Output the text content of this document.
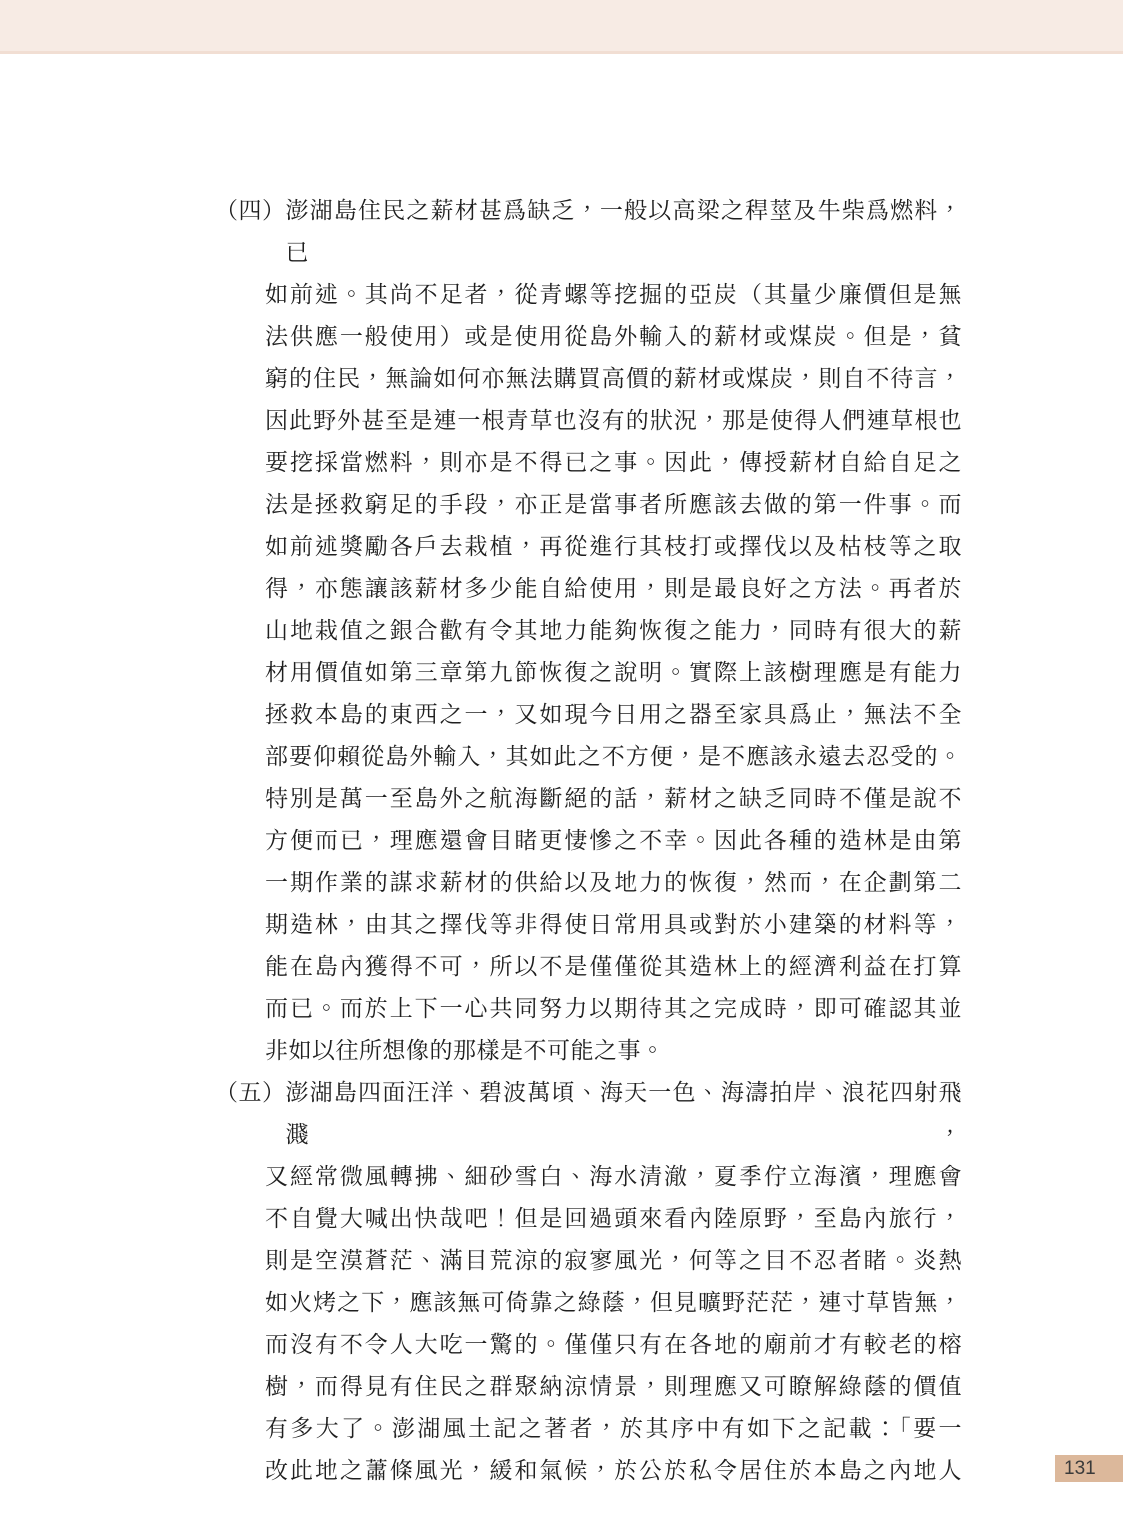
（四） 澎湖島住民之薪材甚爲缺乏，一般以高梁之稈莖及牛柴爲燃料，已
如前述。其尚不足者，從青螺等挖掘的亞炭（其量少廉價但是無
法供應一般使用）或是使用從島外輸入的薪材或煤炭。但是，貧
窮的住民，無論如何亦無法購買高價的薪材或煤炭，則自不待言，
因此野外甚至是連一根青草也沒有的狀況，那是使得人們連草根也
要挖採當燃料，則亦是不得已之事。因此，傳授薪材自給自足之
法是拯救窮足的手段，亦正是當事者所應該去做的第一件事。而
如前述獎勵各戶去栽植，再從進行其枝打或擇伐以及枯枝等之取
得，亦態讓該薪材多少能自給使用，則是最良好之方法。再者於
山地栽值之銀合歡有令其地力能夠恢復之能力，同時有很大的薪
材用價值如第三章第九節恢復之說明。實際上該樹理應是有能力
拯救本島的東西之一，又如現今日用之器至家具爲止，無法不全
部要仰賴從島外輸入，其如此之不方便，是不應該永遠去忍受的。
特別是萬一至島外之航海斷絕的話，薪材之缺乏同時不僅是說不
方便而已，理應還會目睹更悽慘之不幸。因此各種的造林是由第
一期作業的謀求薪材的供給以及地力的恢復，然而，在企劃第二
期造林，由其之擇伐等非得使日常用具或對於小建築的材料等，
能在島內獲得不可，所以不是僅僅從其造林上的經濟利益在打算
而已。而於上下一心共同努力以期待其之完成時，即可確認其並
非如以往所想像的那樣是不可能之事。
（五） 澎湖島四面汪洋、碧波萬頃、海天一色、海濤拍岸、浪花四射飛濺，
又經常微風轉拂、細砂雪白、海水清澈，夏季佇立海濱，理應會
不自覺大喊出快哉吧！但是回過頭來看內陸原野，至島內旅行，
則是空漠蒼茫、滿目荒涼的寂寥風光，何等之目不忍者睹。炎熱
如火烤之下，應該無可倚靠之綠蔭，但見曠野茫茫，連寸草皆無，
而沒有不令人大吃一驚的。僅僅只有在各地的廟前才有較老的榕
樹，而得見有住民之群聚納涼情景，則理應又可瞭解綠蔭的價值
有多大了。澎湖風土記之著者，於其序中有如下之記載：「要一
改此地之蕭條風光，緩和氣候，於公於私令居住於本島之內地人	131
